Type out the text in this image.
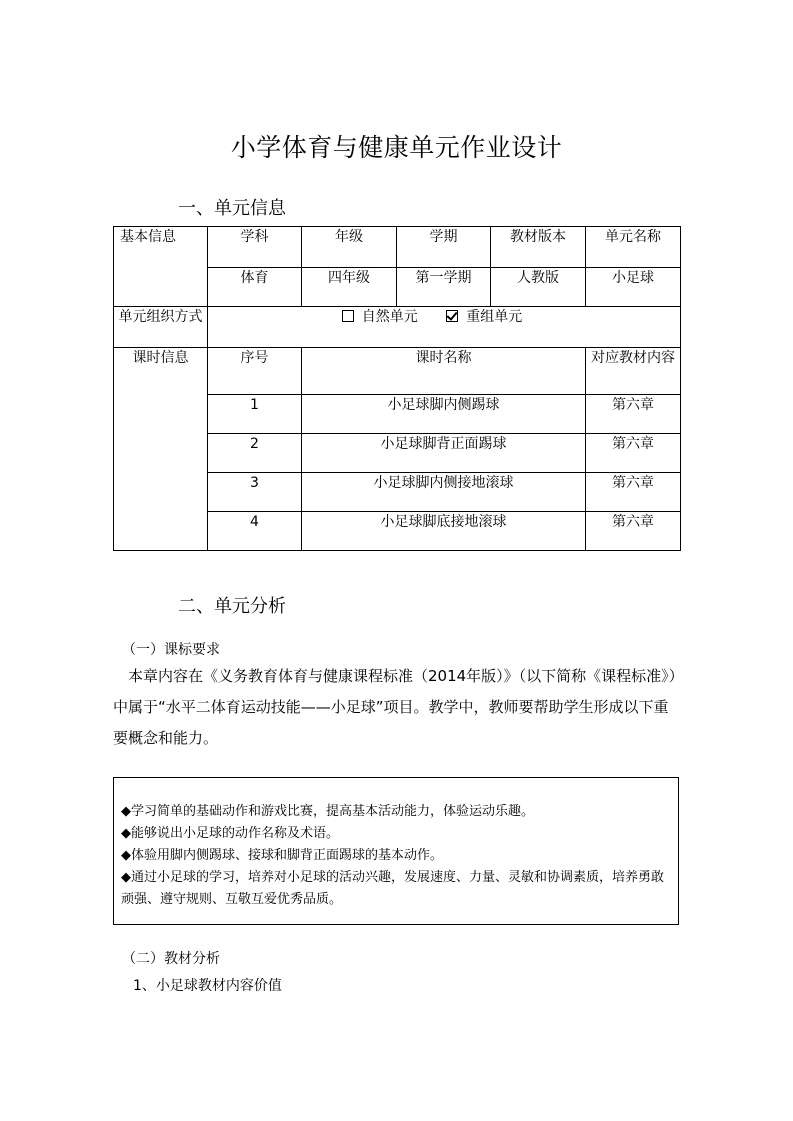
小学体育与健康单元作业设计
一、单元信息
基本信息	学科	年级	学期	教材版本	单元名称
	体育	四年级	第一学期	人教版	小足球
单元组织方式	自然单元 重组单元				
课时信息	序号	课时名称			对应教材内容
	1	小足球脚内侧踢球			第六章
	2	小足球脚背正面踢球			第六章
	3	小足球脚内侧接地滚球			第六章
	4	小足球脚底接地滚球			第六章
二、单元分析
（一）课标要求
本章内容在《义务教育体育与健康课程标准（2014年版）》（以下简称《课程标准》）中属于“水平二体育运动技能——小足球”项目。教学中，教师要帮助学生形成以下重要概念和能力。
◆学习简单的基础动作和游戏比赛，提高基本活动能力，体验运动乐趣。
◆能够说出小足球的动作名称及术语。
◆体验用脚内侧踢球、接球和脚背正面踢球的基本动作。
◆通过小足球的学习，培养对小足球的活动兴趣，发展速度、力量、灵敏和协调素质，培养勇敢顽强、遵守规则、互敬互爱优秀品质。
（二）教材分析
1、小足球教材内容价值
